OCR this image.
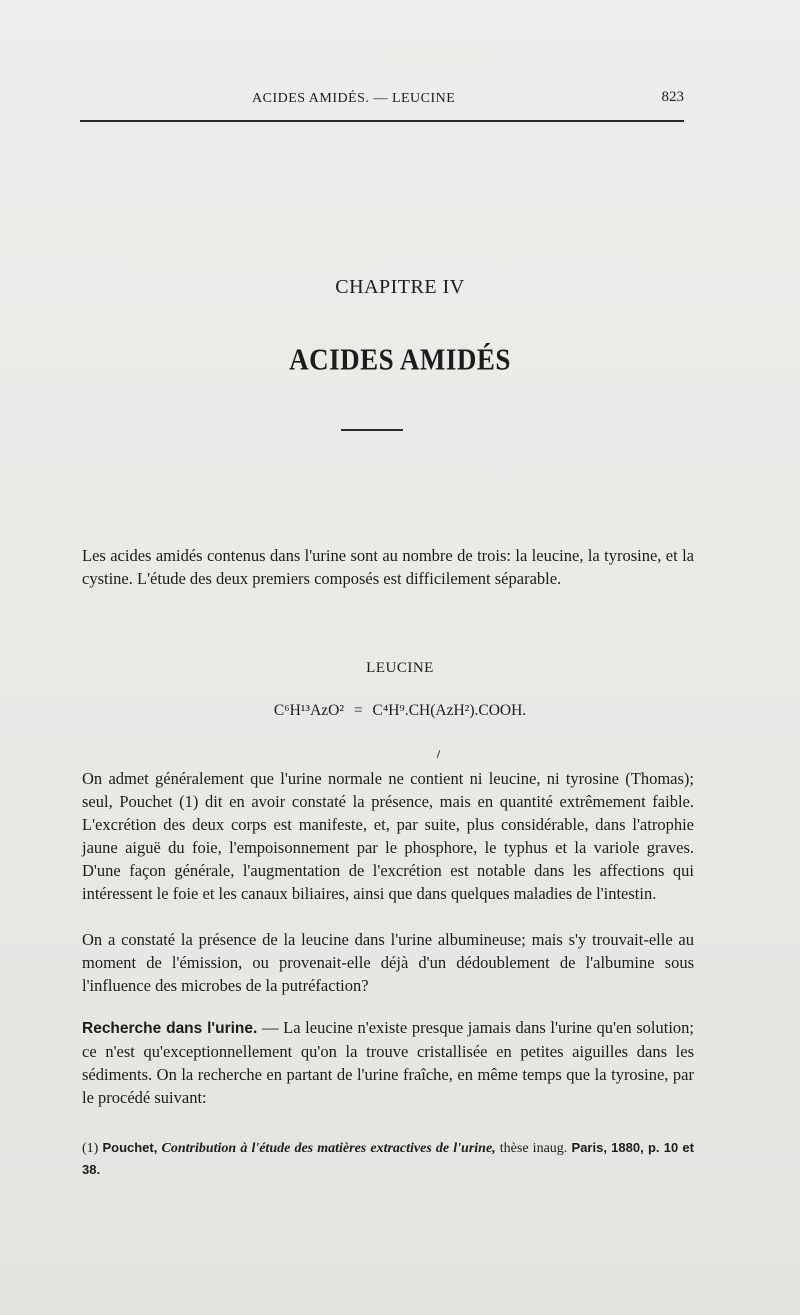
ACIDES AMIDÉS. — LEUCINE	823
CHAPITRE IV
ACIDES AMIDÉS

Les acides amidés contenus dans l'urine sont au nombre de trois: la leucine, la tyrosine, et la cystine. L'étude des deux premiers composés est difficilement séparable.

LEUCINE
C⁶H¹³AzO² = C⁴H⁹.CH(AzH²).COOH.

On admet généralement que l'urine normale ne contient ni leucine, ni tyrosine (Thomas); seul, Pouchet (1) dit en avoir constaté la présence, mais en quantité extrêmement faible. L'excrétion des deux corps est manifeste, et, par suite, plus considérable, dans l'atrophie jaune aiguë du foie, l'empoisonnement par le phosphore, le typhus et la variole graves. D'une façon générale, l'augmentation de l'excrétion est notable dans les affections qui intéressent le foie et les canaux biliaires, ainsi que dans quelques maladies de l'intestin.

On a constaté la présence de la leucine dans l'urine albumineuse; mais s'y trouvait-elle au moment de l'émission, ou provenait-elle déjà d'un dédoublement de l'albumine sous l'influence des microbes de la putréfaction?

Recherche dans l'urine. — La leucine n'existe presque jamais dans l'urine qu'en solution; ce n'est qu'exceptionnellement qu'on la trouve cristallisée en petites aiguilles dans les sédiments. On la recherche en partant de l'urine fraîche, en même temps que la tyrosine, par le procédé suivant:

(1) Pouchet, Contribution à l'étude des matières extractives de l'urine, thèse inaug. Paris, 1880, p. 10 et 38.
